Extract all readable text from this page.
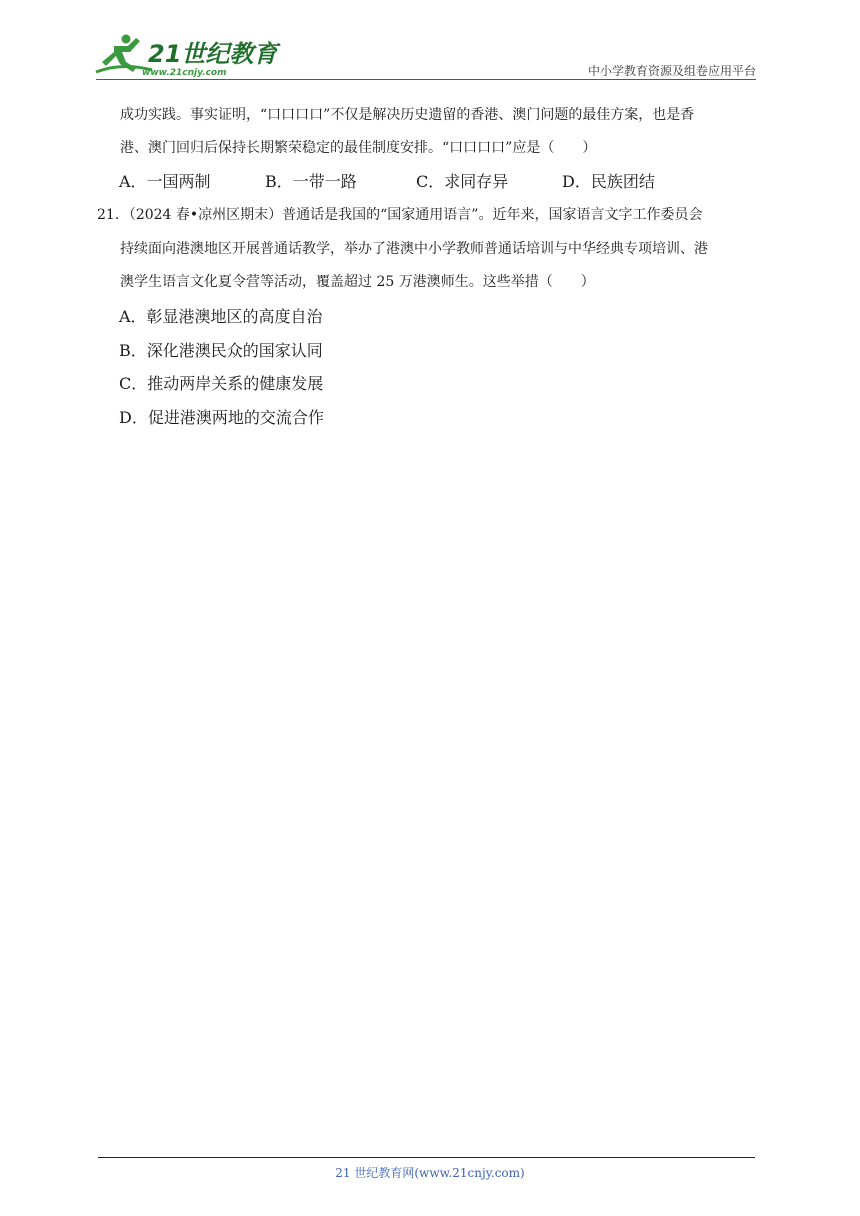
21世纪教育
www.21cnjy.com	中小学教育资源及组卷应用平台
成功实践。事实证明，“口口口口”不仅是解决历史遗留的香港、澳门问题的最佳方案，也是香
港、澳门回归后保持长期繁荣稳定的最佳制度安排。“口口口口”应是（　　）
A．一国两制	B．一带一路	C．求同存异	D．民族团结
21．（2024 春•凉州区期末）普通话是我国的“国家通用语言”。近年来，国家语言文字工作委员会
持续面向港澳地区开展普通话教学，举办了港澳中小学教师普通话培训与中华经典专项培训、港
澳学生语言文化夏令营等活动，覆盖超过 25 万港澳师生。这些举措（　　）
A．彰显港澳地区的高度自治
B．深化港澳民众的国家认同
C．推动两岸关系的健康发展
D．促进港澳两地的交流合作
21 世纪教育网(www.21cnjy.com)
